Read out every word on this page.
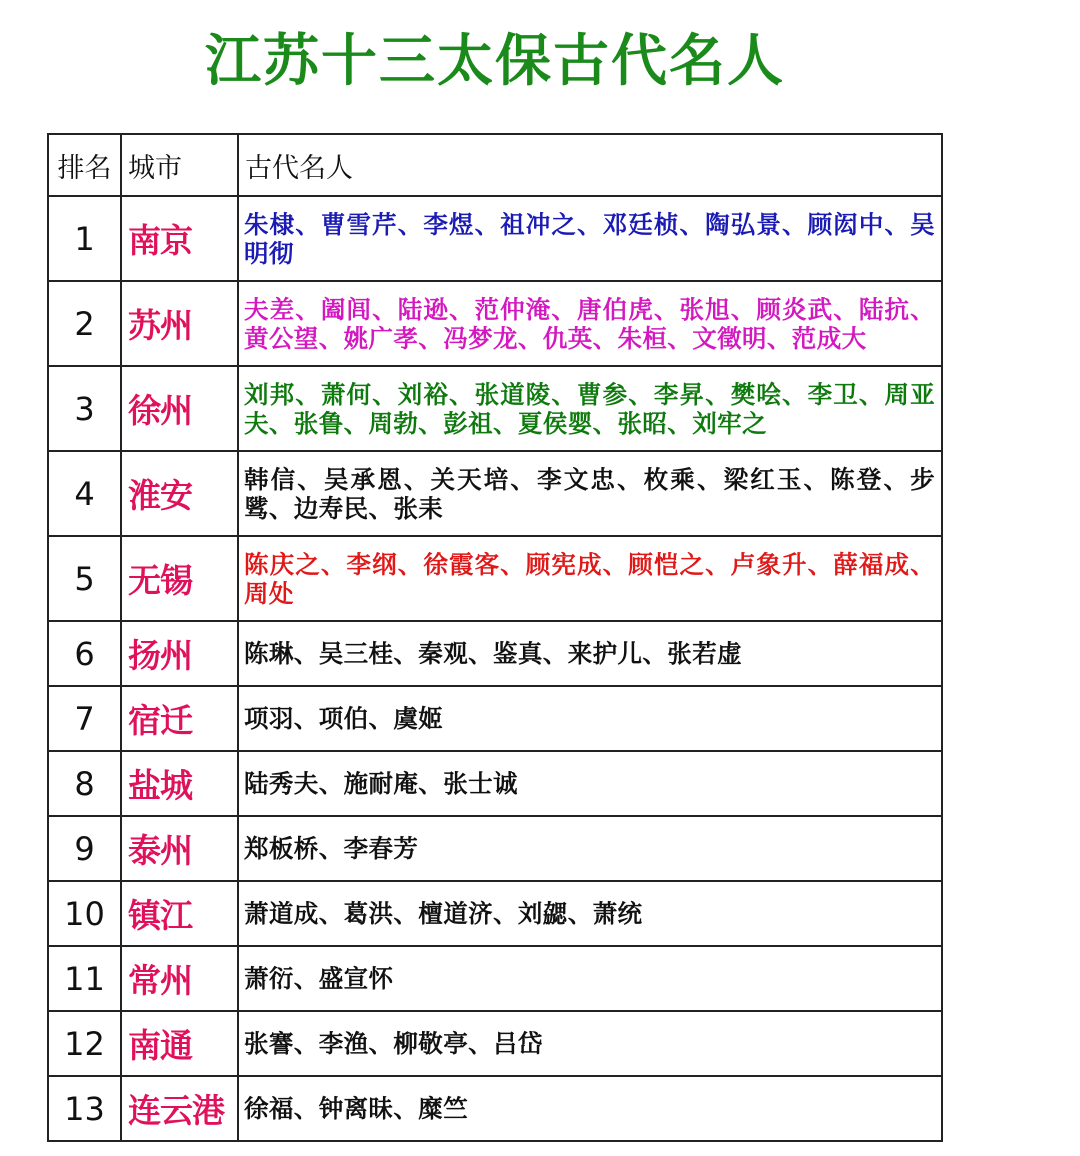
江苏十三太保古代名人
排名	城市	古代名人
1	南京	朱棣、曹雪芹、李煜、祖冲之、邓廷桢、陶弘景、顾闳中、吴明彻
2	苏州	夫差、阖闾、陆逊、范仲淹、唐伯虎、张旭、顾炎武、陆抗、黄公望、姚广孝、冯梦龙、仇英、朱桓、文徵明、范成大
3	徐州	刘邦、萧何、刘裕、张道陵、曹参、李昇、樊哙、李卫、周亚夫、张鲁、周勃、彭祖、夏侯婴、张昭、刘牢之
4	淮安	韩信、吴承恩、关天培、李文忠、枚乘、梁红玉、陈登、步骘、边寿民、张耒
5	无锡	陈庆之、李纲、徐霞客、顾宪成、顾恺之、卢象升、薛福成、周处
6	扬州	陈琳、吴三桂、秦观、鉴真、来护儿、张若虚
7	宿迁	项羽、项伯、虞姬
8	盐城	陆秀夫、施耐庵、张士诚
9	泰州	郑板桥、李春芳
10	镇江	萧道成、葛洪、檀道济、刘勰、萧统
11	常州	萧衍、盛宣怀
12	南通	张謇、李渔、柳敬亭、吕岱
13	连云港	徐福、钟离昧、糜竺
